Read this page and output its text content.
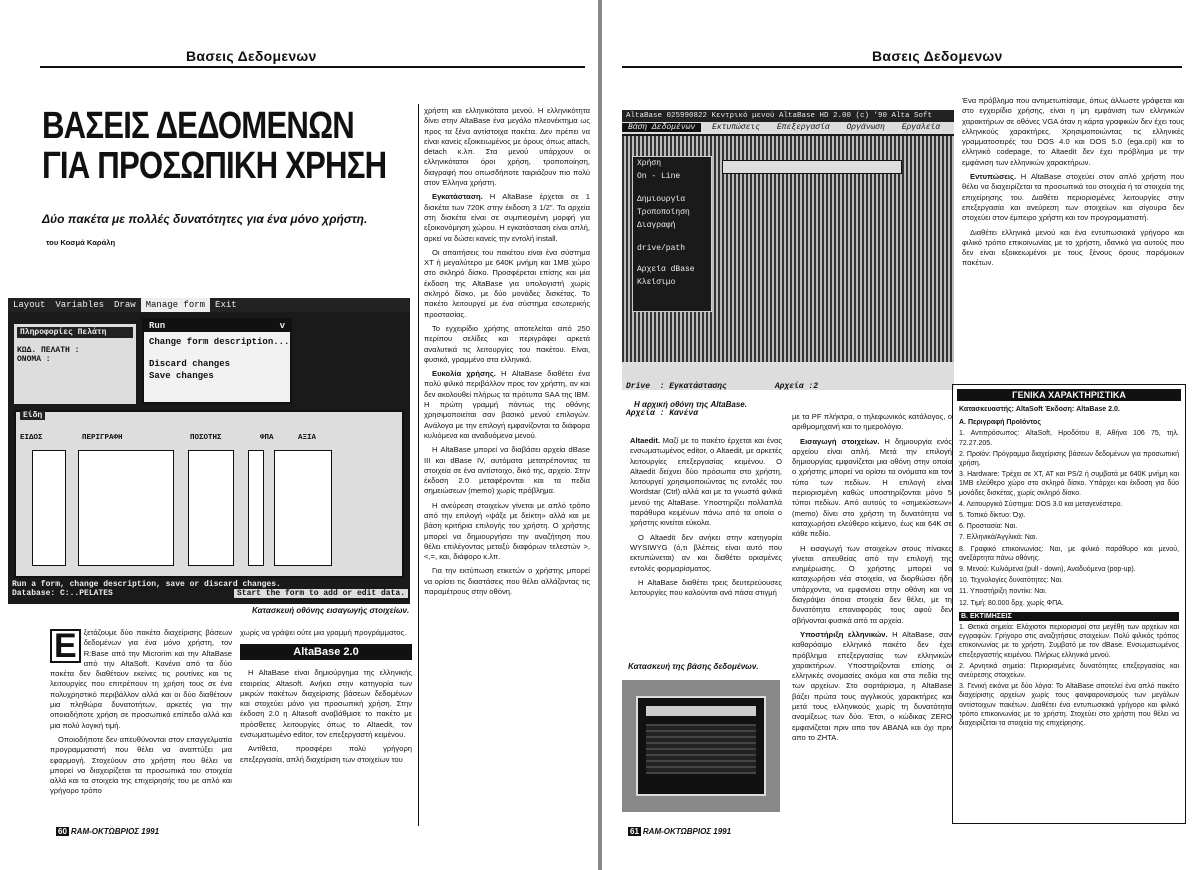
Βασεις Δεδομενων
ΒΑΣΕΙΣ ΔΕΔΟΜΕΝΩΝ
ΓΙΑ ΠΡΟΣΩΠΙΚΗ ΧΡΗΣΗ
Δύο πακέτα με πολλές δυνατότητες για ένα μόνο χρήστη.
του Κοσμά Καράλη
Layout Variables Draw Manage form Exit
Πληροφορίες Πελάτη
ΚΩΔ. ΠΕΛΑΤΗ :
ΟΝΟΜΑ :
Run	v
Change form description...
Discard changes
Save changes
Είδη
ΕΙΔΟΣ	ΠΕΡΙΓΡΑΦΗ	ΠΟΣΟΤΗΣ	ΦΠΑ	ΑΞΙΑ
Run a form, change description, save or discard changes.
Database: C:..PELATES	Start the form to add or edit data.
Κατασκευή οθόνης εισαγωγής στοιχείων.

Ε ξετάζουμε δύο πακέτα διαχείρισης βάσεων δεδομένων για ένα μόνο χρήστη, τον R:Base από την Microrim και την AltaBase από την AltaSoft. Κανένα από τα δύο πακέτα δεν διαθέτουν εκείνες τις ρουτίνες και τις λειτουργίες που επιτρέπουν τη χρήση τους σε ένα πολυχρηστικό περιβάλλον αλλά και οι δύο διαθέτουν μια πληθώρα δυνατοτήτων, αρκετές για την οποιαδήποτε χρήση σε προσωπικό επίπεδο αλλά και μια πολύ λογική τιμή.

Οποιοδήποτε δεν απευθύνονται στον επαγγελματία προγραμματιστή που θέλει να αναπτύξει μια εφαρμογή. Στοχεύουν στο χρήστη που θέλει να μπορεί να διαχειρίζεται τα προσωπικά του στοιχεία αλλά και τα στοιχεία της επιχείρησής του με απλό και γρήγορο τρόπο

χωρίς να γράψει ούτε μια γραμμή προγράμματος.

AltaBase 2.0

Η AltaBase είναι δημιούργημα της ελληνικής εταιρείας Altasoft. Ανήκει στην κατηγορία των μικρών πακέτων διαχείρισης βάσεων δεδομένων και στοχεύει μόνο για προσωπική χρήση. Στην έκδοση 2.0 η Altasoft αναβάθμισε το πακέτο με πρόσθετες λειτουργίες όπως το Altaedit, τον ενσωματωμένο editor, τον επεξεργαστή κειμένου.

Αντίθετα, προσφέρει πολύ γρήγορη επεξεργασία, απλή διαχείριση των στοιχείων του

χρήστη και ελληνικότατα μενού. Η ελληνικότητα δίνει στην AltaBase ένα μεγάλο πλεονέκτημα ως προς τα ξένα αντίστοιχα πακέτα. Δεν πρέπει να είναι κανείς εξοικειωμένος με όρους όπως attach, detach κ.λπ. Στα μενού υπάρχουν οι ελληνικότατοι όροι χρήση, τροποποίηση, διαγραφή που οπωσδήποτε ταιριάζουν πιο πολύ στον Έλληνα χρήστη.

Εγκατάσταση. Η AltaBase έρχεται σε 1 δισκέτα των 720K στην έκδοση 3 1/2". Τα αρχεία στη δισκέτα είναι σε συμπιεσμένη μορφή για εξοικονόμηση χώρου. Η εγκατάσταση είναι απλή, αρκεί να δώσει κανείς την εντολή install.

Οι απαιτήσεις του πακέτου είναι ένα σύστημα ΧΤ ή μεγαλύτερο με 640Κ μνήμη και 1ΜΒ χώρο στο σκληρό δίσκο. Προσφέρεται επίσης και μία έκδοση της AltaBase για υπολογιστή χωρίς σκληρό δίσκο, με δύο μονάδες δισκέτας. Το πακέτο λειτουργεί με ένα σύστημα εσωτερικής προστασίας.

Το εγχειρίδιο χρήσης αποτελείται από 250 περίπου σελίδες και περιγράφει αρκετά αναλυτικά τις λειτουργίες του πακέτου. Είναι, φυσικά, γραμμένο στα ελληνικά.

Ευκολία χρήσης. Η AltaBase διαθέτει ένα πολύ φιλικό περιβάλλον προς τον χρήστη, αν και δεν ακολουθεί πλήρως τα πρότυπα SAA της IBM. Η πρώτη γραμμή πάντως της οθόνης χρησιμοποιείται σαν βασικό μενού επιλογών. Ανάλογα με την επιλογή εμφανίζονται τα διάφορα κυλιόμενα και αναδυόμενα μενού.

Η AltaBase μπορεί να διαβάσει αρχεία dBase III και dBase IV, αυτόματα μετατρέποντας τα στοιχεία σε ένα αντίστοιχο, δικό της, αρχείο. Στην έκδοση 2.0 μεταφέρονται και τα πεδία σημειώσεων (memo) χωρίς πρόβλημα.

Η ανεύρεση στοιχείων γίνεται με απλό τρόπο από την επιλογή «ψάξε με δείκτη» αλλά και με βάση κριτήρια επιλογής του χρήστη. Ο χρήστης μπορεί να δημιουργήσει την αναζήτηση που θέλει επιλέγοντας μεταξύ διαφόρων τελεστών >,<,=, και, διάφορο κ.λπ.

Για την εκτύπωση ετικετών ο χρήστης μπορεί να ορίσει τις διαστάσεις που θέλει αλλάζοντας τις παραμέτρους στην οθόνη.

60 RAM-ΟΚΤΩΒΡΙΟΣ 1991
Βασεις Δεδομενων
AltaBase 025990822 Κεντρικό μενού AltaBase HD 2.00 (c) '90 Alta Soft
Βάση Δεδομένων Εκτυπώσεις Επεξεργασία Οργάνωση Εργαλεία
Χρήση
On - Line
Δημιουργία
Τροποποίηση
Διαγραφή
drive/path
Αρχεία dBase
Κλείσιμο

Drive  : Εγκατάστασης          Αρχεία :2

Αρχεία : Κανένα

Η αρχική οθόνη της AltaBase.
Κατασκευή της βάσης δεδομένων.

Altaedit. Μαζί με το πακέτο έρχεται και ένας ενσωματωμένος editor, ο Altaedit, με αρκετές λειτουργίες επεξεργασίας κειμένου. Ο Altaedit δείχνει δύο πρόσωπα στο χρήστη, λειτουργεί χρησιμοποιώντας τις εντολές του Wordstar (Ctrl) αλλά και με τα γνωστά φιλικά μενού της AltaBase. Υποστηρίζει πολλαπλά παράθυρα κειμένων πάνω από τα οποία ο χρήστης κινείται εύκολα.

Ο Altaedit δεν ανήκει στην κατηγορία WYSIWYG (ό,τι βλέπεις είναι αυτό που εκτυπώνεται) αν και διαθέτει ορισμένες εντολές φορμαρίσματος.

Η AltaBase διαθέτει τρεις δευτερεύουσες λειτουργίες που καλούνται ανά πάσα στιγμή

με τα PF πλήκτρα, ο τηλεφωνικός κατάλογος, ο αριθμομηχανή και το ημερολόγιο.

Εισαγωγή στοιχείων. Η δημιουργία ενός αρχείου είναι απλή. Μετά την επιλογή δημιουργίας εμφανίζεται μια οθόνη στην οποία ο χρήστης μπορεί να ορίσει τα ονόματα και τον τύπο των πεδίων. Η επιλογή είναι περιορισμένη καθώς υποστηρίζονται μόνο 5 τύποι πεδίων. Από αυτούς το «σημειώσεων» (memo) δίνει στο χρήστη τη δυνατότητα να καταχωρήσει ελεύθερο κείμενο, έως και 64Κ σε κάθε πεδίο.

Η εισαγωγή των στοιχείων στους πίνακες γίνεται απευθείας από την επιλογή της ενημέρωσης. Ο χρήστης μπορεί να καταχωρήσει νέα στοιχεία, να διορθώσει ήδη υπάρχοντα, να εμφανίσει στην οθόνη και να διαγράψει όποια στοιχεία δεν θέλει, με τη δυνατότητα επαναφοράς τους αφού δεν σβήνονται φυσικά από τα αρχεία.

Υποστήριξη ελληνικών. Η AltaBase, σαν καθαρόαιμο ελληνικό πακέτο δεν έχει πρόβλημα επεξεργασίας των ελληνικών χαρακτήρων. Υποστηρίζονται επίσης οι ελληνικές ονομασίες ακόμα και στα πεδία της των αρχείων. Στο σορτάρισμα, η AltaBase βάζει πρώτα τους αγγλικούς χαρακτήρες και μετά τους ελληνικούς χωρίς τη δυνατότητα αναμίξεως των δύο. Έτσι, ο κώδικας ZERO εμφανίζεται πριν απο τον ΑΒΑΝΑ και όχι πριν απο το ΖΗΤΑ.

Ένα πρόβλημα που αντιμετωπίσαμε, όπως άλλωστε γράφεται και στο εγχειρίδιο χρήσης, είναι η μη εμφάνιση των ελληνικών χαρακτήρων σε οθόνες VGA όταν η κάρτα γραφικών δεν έχει τους ελληνικούς χαρακτήρες. Χρησιμοποιώντας τις ελληνικές γραμματοσειρές του DOS 4.0 και DOS 5.0 (ega.cpi) και το ελληνικό codepage, το Altaedit δεν έχει πρόβλημα με την εμφάνιση των ελληνικών χαρακτήρων.

Εντυπώσεις. Η AltaBase στοχεύει στον απλό χρήστη που θέλει να διαχειρίζεται τα προσωπικά του στοιχεία ή τα στοιχεία της επιχείρησης του. Διαθέτει περιορισμένες λειτουργίες στην επεξεργασία και ανεύρεση των στοιχείων και σίγουρα δεν στοχεύει στον έμπειρο χρήστη και τον προγραμματιστή.

Διαθέτει ελληνικά μενού και ένα εντυπωσιακά γρήγορο και φιλικό τρόπο επικοινωνίας με το χρήστη, ιδανικό για αυτούς που δεν είναι εξοικειωμένοι με τους ξένους όρους παρόμοιων πακέτων.

61 RAM-ΟΚΤΩΒΡΙΟΣ 1991
ΓΕΝΙΚΑ ΧΑΡΑΚΤΗΡΙΣΤΙΚΑ

Κατασκευαστής: AltaSoft Έκδοση: AltaBase 2.0.

A. Περιγραφή Προϊόντος

1. Αντιπρόσωπος: AltaSoft, Ηροδότου 8, Αθήνα 106 75, τηλ. 72.27.205.

2. Προϊόν: Πρόγραμμα διαχείρισης βάσεων δεδομένων για προσωπική χρήση.

3. Hardware: Τρέχει σε XT, AT και PS/2 ή συμβατά με 640K μνήμη και 1MB ελεύθερο χώρο στο σκληρό δίσκο. Υπάρχει και έκδοση για δύο μονάδες δισκέτας, χωρίς σκληρό δίσκο.

4. Λειτουργικό Σύστημα: DOS 3.0 και μεταγενέστερο.

5. Τοπικό δίκτυο: Όχι.

6. Προστασία: Ναι.

7. Ελληνικά/Αγγλικά: Ναι.

8. Γραφικό επικοινωνίας: Ναι, με φιλικό παράθυρο και μενού, ανεξάρτητα πάνω οθόνης.

9. Μενού: Κυλιόμενα (pull - down), Αναδυόμενα (pop-up).

10. Τεχνολογίες δυνατότητες: Ναι.

11. Υποστήριξη ποντίκι: Ναι.

12. Τιμή: 80.000 δρχ. χωρίς ΦΠΑ.

B. ΕΚΤΙΜΗΣΕΙΣ

1. Θετικά σημεία: Ελάχιστοι περιορισμοί στα μεγέθη των αρχείων και εγγραφών. Γρήγορο στις αναζητήσεις στοιχείων. Πολύ φιλικός τρόπος επικοινωνίας με το χρήστη. Συμβατό με τον dBase. Ενσωματωμένος επεξεργαστής κειμένου. Πλήρως ελληνικά μενού.

2. Αρνητικά σημεία: Περιορισμένες δυνατότητες επεξεργασίας και ανεύρεσης στοιχείων.

3. Γενική εικόνα με δύο λόγια: Το AltaBase αποτελεί ένα απλό πακέτο διαχείρισης αρχείων χωρίς τους φανφαρονισμούς των μεγάλων αντίστοιχων πακέτων. Διαθέτει ένα εντυπωσιακά γρήγορο και φιλικό τρόπο επικοινωνίας με το χρήστη. Στοχεύει στο χρήστη που θέλει να διαχειρίζεται τα στοιχεία της επιχείρησης.
